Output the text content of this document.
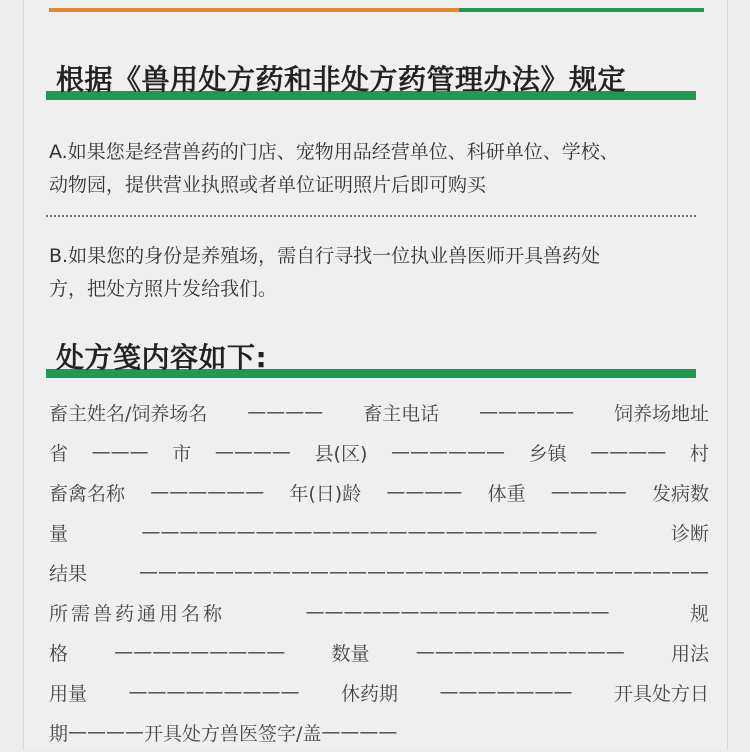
根据《兽用处方药和非处方药管理办法》规定
A.如果您是经营兽药的门店、宠物用品经营单位、科研单位、学校、
动物园，提供营业执照或者单位证明照片后即可购买
B.如果您的身份是养殖场，需自行寻找一位执业兽医师开具兽药处
方，把处方照片发给我们。
处方笺内容如下:
畜主姓名/饲养场名 ———— 畜主电话 ————— 饲养场地址
省 ——— 市 ———— 县(区) —————— 乡镇 ———— 村
畜禽名称 —————— 年(日)龄 ———— 体重 ———— 发病数
量	————————————————————————	诊断
结果	——————————————————————————————
所需兽药通用名称	————————————————	规
格 ————————— 数量 ——————————— 用法
用量 ————————— 休药期 ——————— 开具处方日
期 ———— 开具处方兽医签字/盖 ————
